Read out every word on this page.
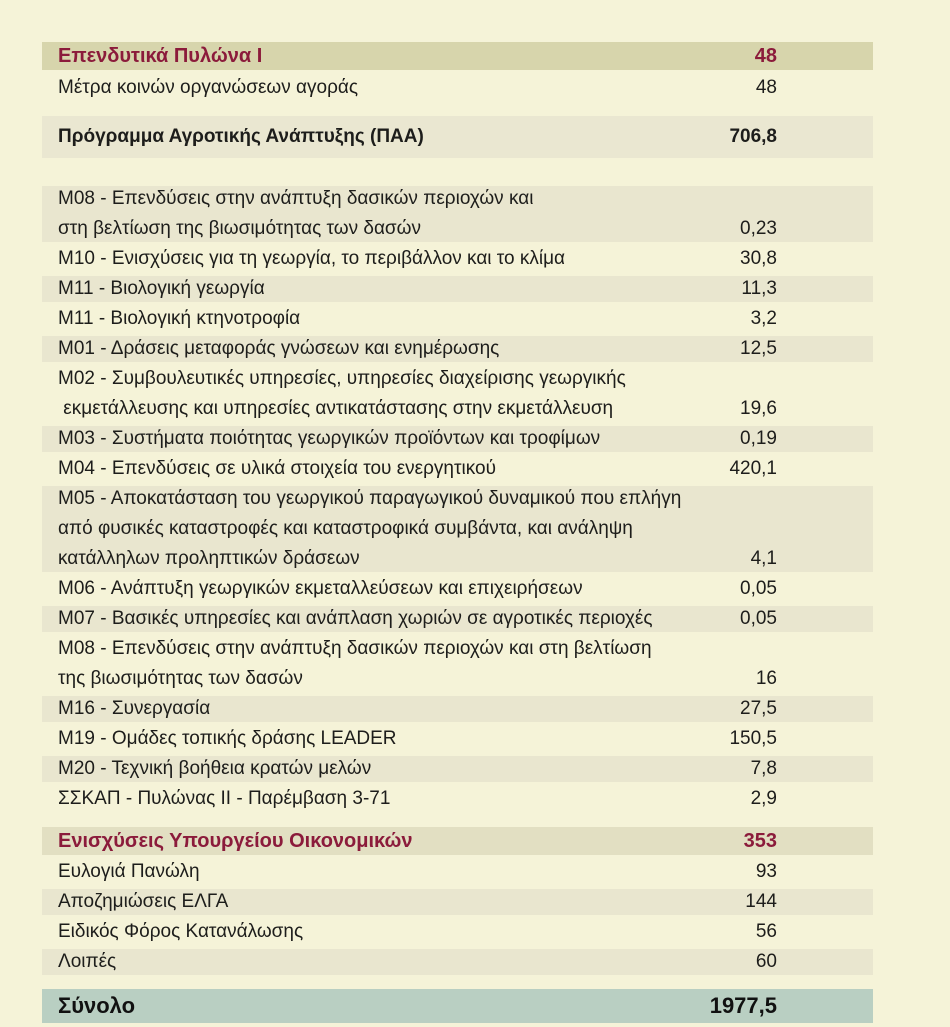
Επενδυτικά Πυλώνα I	48
Μέτρα κοινών οργανώσεων αγοράς	48
Πρόγραμμα Αγροτικής Ανάπτυξης (ΠΑΑ)	706,8
Μ08 - Επενδύσεις στην ανάπτυξη δασικών περιοχών και
στη βελτίωση της βιωσιμότητας των δασών	0,23
Μ10 - Ενισχύσεις για τη γεωργία, το περιβάλλον και το κλίμα	30,8
Μ11 - Βιολογική γεωργία	11,3
Μ11 - Βιολογική κτηνοτροφία	3,2
Μ01 - Δράσεις μεταφοράς γνώσεων και ενημέρωσης	12,5
Μ02 - Συμβουλευτικές υπηρεσίες, υπηρεσίες διαχείρισης γεωργικής
εκμετάλλευσης και υπηρεσίες αντικατάστασης στην εκμετάλλευση	19,6
Μ03 - Συστήματα ποιότητας γεωργικών προϊόντων και τροφίμων	0,19
Μ04 - Επενδύσεις σε υλικά στοιχεία του ενεργητικού	420,1
Μ05 - Αποκατάσταση του γεωργικού παραγωγικού δυναμικού που επλήγη
από φυσικές καταστροφές και καταστροφικά συμβάντα, και ανάληψη
κατάλληλων προληπτικών δράσεων	4,1
Μ06 - Ανάπτυξη γεωργικών εκμεταλλεύσεων και επιχειρήσεων	0,05
Μ07 - Βασικές υπηρεσίες και ανάπλαση χωριών σε αγροτικές περιοχές	0,05
Μ08 - Επενδύσεις στην ανάπτυξη δασικών περιοχών και στη βελτίωση
της βιωσιμότητας των δασών	16
Μ16 - Συνεργασία	27,5
Μ19 - Ομάδες τοπικής δράσης LEADER	150,5
Μ20 - Τεχνική βοήθεια κρατών μελών	7,8
ΣΣΚΑΠ - Πυλώνας II - Παρέμβαση 3-71	2,9
Ενισχύσεις Υπουργείου Οικονομικών	353
Ευλογιά Πανώλη	93
Αποζημιώσεις ΕΛΓΑ	144
Ειδικός Φόρος Κατανάλωσης	56
Λοιπές	60
Σύνολο	1977,5
